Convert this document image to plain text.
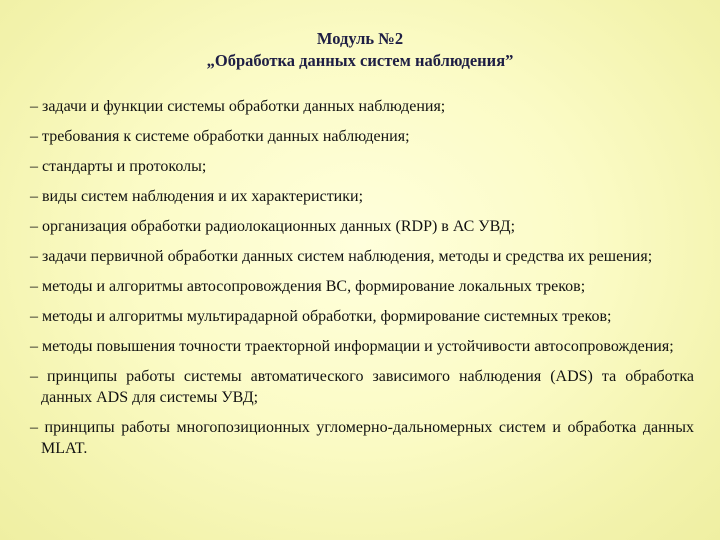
Модуль №2
„Обработка данных систем наблюдения”
– задачи и функции системы обработки данных наблюдения;
– требования к системе обработки данных наблюдения;
– стандарты и протоколы;
– виды систем наблюдения и их характеристики;
– организация обработки радиолокационных данных (RDP) в АС УВД;
– задачи первичной обработки данных систем наблюдения, методы и средства их решения;
– методы и алгоритмы автосопровождения ВС, формирование локальных треков;
– методы и алгоритмы мультирадарной обработки, формирование системных треков;
– методы повышения точности траекторной информации и устойчивости автосопровождения;
– принципы работы системы автоматического зависимого наблюдения (ADS) та обработка данных ADS для системы УВД;
– принципы работы многопозиционных угломерно-дальномерных систем и обработка данных MLAT.
